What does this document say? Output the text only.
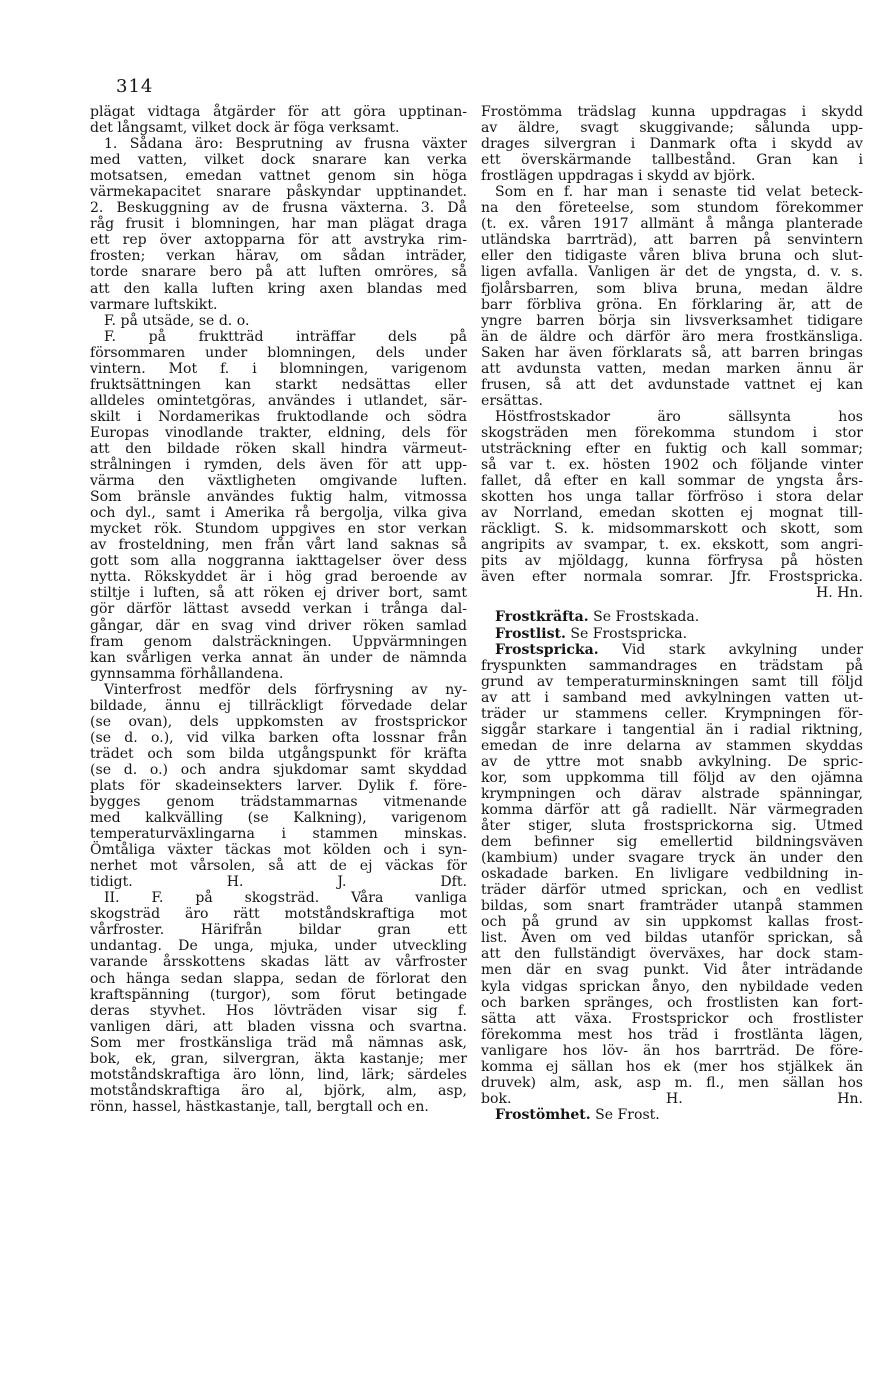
314
plägat vidtaga åtgärder för att göra upptinan-
det långsamt, vilket dock är föga verksamt.
1. Sådana äro: Besprutning av frusna växter
med vatten, vilket dock snarare kan verka
motsatsen, emedan vattnet genom sin höga
värmekapacitet snarare påskyndar upptinandet.
2. Beskuggning av de frusna växterna. 3. Då
råg frusit i blomningen, har man plägat draga
ett rep över axtopparna för att avstryka rim-
frosten; verkan härav, om sådan inträder,
torde snarare bero på att luften omröres, så
att den kalla luften kring axen blandas med
varmare luftskikt.
F. på utsäde, se d. o.
F. på fruktträd inträffar dels på
försommaren under blomningen, dels under
vintern. Mot f. i blomningen, varigenom
fruktsättningen kan starkt nedsättas eller
alldeles omintetgöras, användes i utlandet, sär-
skilt i Nordamerikas fruktodlande och södra
Europas vinodlande trakter, eldning, dels för
att den bildade röken skall hindra värmeut-
strålningen i rymden, dels även för att upp-
värma den växtligheten omgivande luften.
Som bränsle användes fuktig halm, vitmossa
och dyl., samt i Amerika rå bergolja, vilka giva
mycket rök. Stundom uppgives en stor verkan
av frosteldning, men från vårt land saknas så
gott som alla noggranna iakttagelser över dess
nytta. Rökskyddet är i hög grad beroende av
stiltje i luften, så att röken ej driver bort, samt
gör därför lättast avsedd verkan i trånga dal-
gångar, där en svag vind driver röken samlad
fram genom dalsträckningen. Uppvärmningen
kan svårligen verka annat än under de nämnda
gynnsamma förhållandena.
Vinterfrost medför dels förfrysning av ny-
bildade, ännu ej tillräckligt förvedade delar
(se ovan), dels uppkomsten av frostsprickor
(se d. o.), vid vilka barken ofta lossnar från
trädet och som bilda utgångspunkt för kräfta
(se d. o.) och andra sjukdomar samt skyddad
plats för skadeinsekters larver. Dylik f. före-
bygges genom trädstammarnas vitmenande
med kalkvälling (se Kalkning), varigenom
temperaturväxlingarna i stammen minskas.
Ömtåliga växter täckas mot kölden och i syn-
nerhet mot vårsolen, så att de ej väckas för
tidigt. H. J. Dft.
II. F. på skogsträd. Våra vanliga
skogsträd äro rätt motståndskraftiga mot
vårfroster. Härifrån bildar gran ett
undantag. De unga, mjuka, under utveckling
varande årsskottens skadas lätt av vårfroster
och hänga sedan slappa, sedan de förlorat den
kraftspänning (turgor), som förut betingade
deras styvhet. Hos lövträden visar sig f.
vanligen däri, att bladen vissna och svartna.
Som mer frostkänsliga träd må nämnas ask,
bok, ek, gran, silvergran, äkta kastanje; mer
motståndskraftiga äro lönn, lind, lärk; särdeles
motståndskraftiga äro al, björk, alm, asp,
rönn, hassel, hästkastanje, tall, bergtall och en.
Frostömma trädslag kunna uppdragas i skydd
av äldre, svagt skuggivande; sålunda upp-
drages silvergran i Danmark ofta i skydd av
ett överskärmande tallbestånd. Gran kan i
frostlägen uppdragas i skydd av björk.
Som en f. har man i senaste tid velat beteck-
na den företeelse, som stundom förekommer
(t. ex. våren 1917 allmänt å många planterade
utländska barrträd), att barren på senvintern
eller den tidigaste våren bliva bruna och slut-
ligen avfalla. Vanligen är det de yngsta, d. v. s.
fjolårsbarren, som bliva bruna, medan äldre
barr förbliva gröna. En förklaring är, att de
yngre barren börja sin livsverksamhet tidigare
än de äldre och därför äro mera frostkänsliga.
Saken har även förklarats så, att barren bringas
att avdunsta vatten, medan marken ännu är
frusen, så att det avdunstade vattnet ej kan
ersättas.
Höstfrostskador äro sällsynta hos
skogsträden men förekomma stundom i stor
utsträckning efter en fuktig och kall sommar;
så var t. ex. hösten 1902 och följande vinter
fallet, då efter en kall sommar de yngsta års-
skotten hos unga tallar förfröso i stora delar
av Norrland, emedan skotten ej mognat till-
räckligt. S. k. midsommarskott och skott, som
angripits av svampar, t. ex. ekskott, som angri-
pits av mjöldagg, kunna förfrysa på hösten
även efter normala somrar. Jfr. Frostspricka.
H. Hn.
Frostkräfta. Se Frostskada.
Frostlist. Se Frostspricka.
Frostspricka. Vid stark avkylning under
fryspunkten sammandrages en trädstam på
grund av temperaturminskningen samt till följd
av att i samband med avkylningen vatten ut-
träder ur stammens celler. Krympningen för-
siggår starkare i tangential än i radial riktning,
emedan de inre delarna av stammen skyddas
av de yttre mot snabb avkylning. De spric-
kor, som uppkomma till följd av den ojämna
krympningen och därav alstrade spänningar,
komma därför att gå radiellt. När värmegraden
åter stiger, sluta frostsprickorna sig. Utmed
dem befinner sig emellertid bildningsväven
(kambium) under svagare tryck än under den
oskadade barken. En livligare vedbildning in-
träder därför utmed sprickan, och en vedlist
bildas, som snart framträder utanpå stammen
och på grund av sin uppkomst kallas frost-
list. Även om ved bildas utanför sprickan, så
att den fullständigt överväxes, har dock stam-
men där en svag punkt. Vid åter inträdande
kyla vidgas sprickan ånyo, den nybildade veden
och barken spränges, och frostlisten kan fort-
sätta att växa. Frostsprickor och frostlister
förekomma mest hos träd i frostlänta lägen,
vanligare hos löv- än hos barrträd. De före-
komma ej sällan hos ek (mer hos stjälkek än
druvek) alm, ask, asp m. fl., men sällan hos
bok. H. Hn.
Frostömhet. Se Frost.
